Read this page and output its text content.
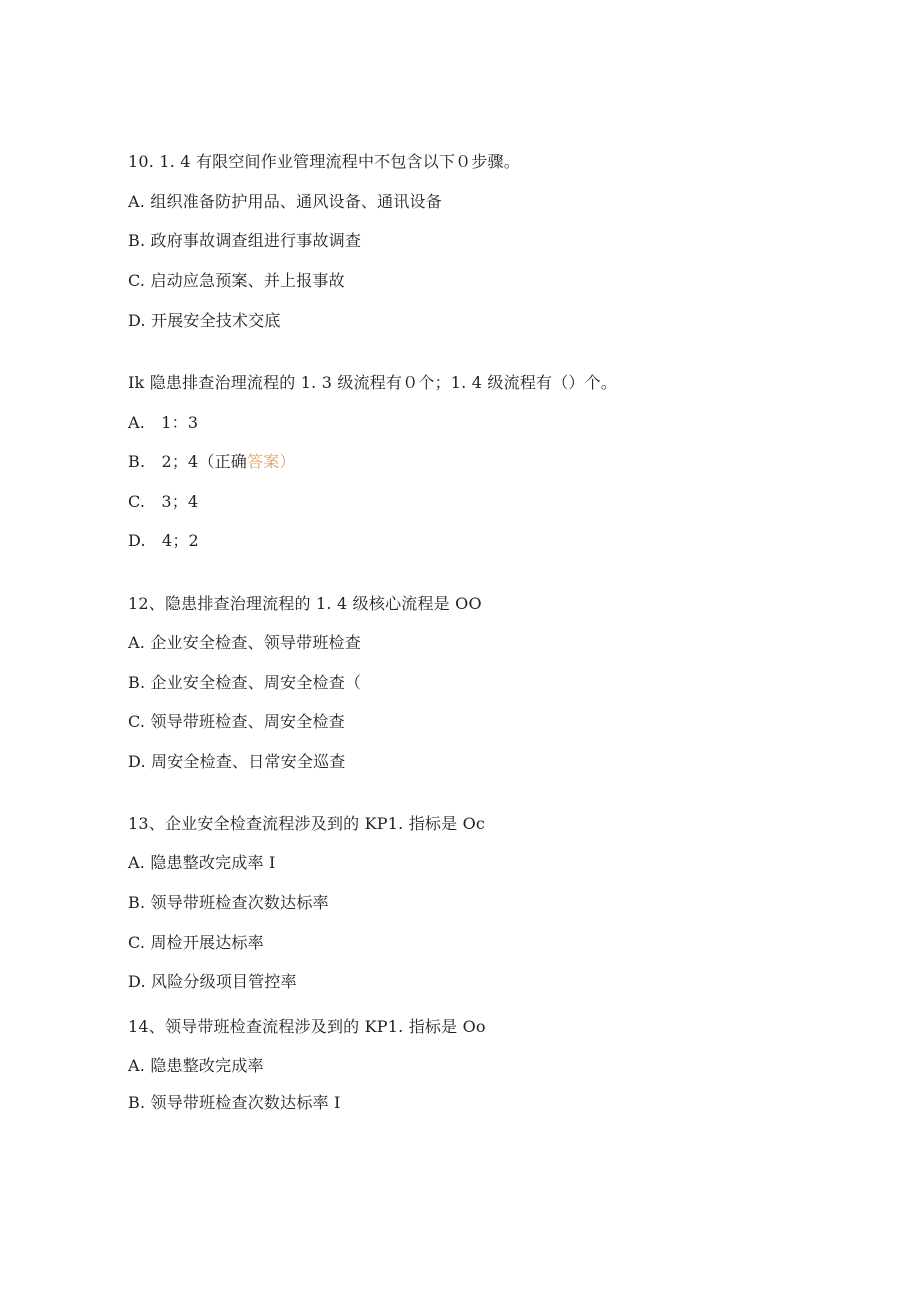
10. 1. 4 有限空间作业管理流程中不包含以下０步骤。
A. 组织准备防护用品、通风设备、通讯设备
B. 政府事故调查组进行事故调查
C. 启动应急预案、并上报事故
D. 开展安全技术交底
Ik 隐患排查治理流程的 1. 3 级流程有０个；1. 4 级流程有（）个。
A.　1：3
B.　2；4（正确答案）
C.　3；4
D.　4；2
12、隐患排查治理流程的 1. 4 级核心流程是 OO
A. 企业安全检查、领导带班检查
B. 企业安全检查、周安全检查（
C. 领导带班检查、周安全检查
D. 周安全检查、日常安全巡查
13、企业安全检查流程涉及到的 KP1. 指标是 Oc
A. 隐患整改完成率 I
B. 领导带班检查次数达标率
C. 周检开展达标率
D. 风险分级项目管控率
14、领导带班检查流程涉及到的 KP1. 指标是 Oo
A. 隐患整改完成率
B. 领导带班检查次数达标率 I
